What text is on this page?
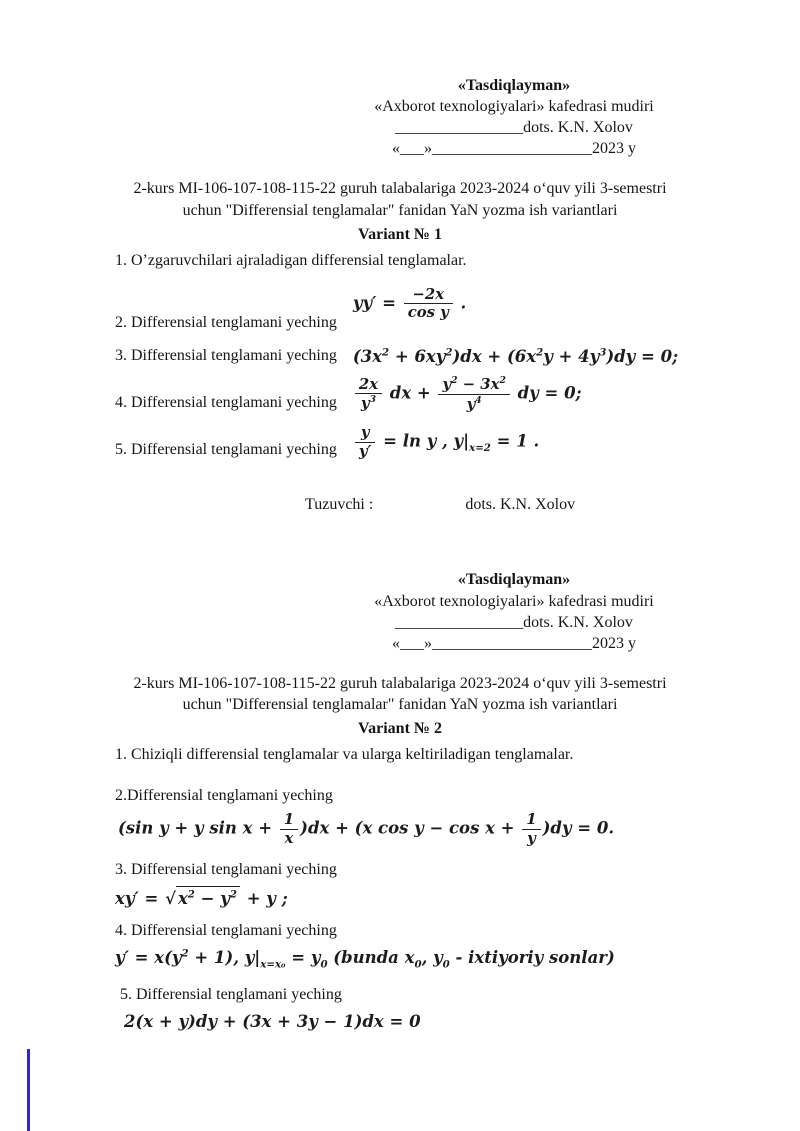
«Tasdiqlayman»
«Axborot texnologiyalari» kafedrasi mudiri
________________dots. K.N. Xolov
«___»____________________2023 y
2-kurs MI-106-107-108-115-22 guruh talabalariga 2023-2024 o‘quv yili 3-semestri
uchun "Differensial tenglamalar" fanidan YaN yozma ish variantlari
Variant № 1
1. O’zgaruvchilari ajraladigan differensial tenglamalar.
2. Differensial tenglamani yeching
$yy' = \frac{-2x}{\text{cos y}}$ .
3. Differensial tenglamani yeching $(3x^2 + 6xy^2)dx + (6x^2y + 4y^3)dy = 0$;
4. Differensial tenglamani yeching $\frac{2x}{y^3}$ dx + $\frac{y^2 - 3x^2}{y^4}$ dy = 0;
5. Differensial tenglamani yeching $\frac{y}{y'} = \ln y$ , $y|_{x=2} = 1$ .
Tuzuvchi :	dots. K.N. Xolov
«Tasdiqlayman»
«Axborot texnologiyalari» kafedrasi mudiri
________________dots. K.N. Xolov
«___»____________________2023 y
2-kurs MI-106-107-108-115-22 guruh talabalariga 2023-2024 o‘quv yili 3-semestri
uchun "Differensial tenglamalar" fanidan YaN yozma ish variantlari
Variant № 2
1. Chiziqli differensial tenglamalar va ularga keltiriladigan tenglamalar.
2.Differensial tenglamani yeching
(sin y + y $\sin x + \frac{1}{x} )dx + (x$ $\cos y - \cos x + \frac{1}{y} )dy = 0$.
3. Differensial tenglamani yeching
xy′ = √ $x^2 - y^2 + y$ ;
4. Differensial tenglamani yeching
$y' = x(y^2 + 1)$, $y|_{x=x_0} = y_0$ (bunda $x_0$, $y_0$ - ixtiyoriy sonlar)
5. Differensial tenglamani yeching
2(x + y)dy + (3x + 3y − 1)dx = 0
